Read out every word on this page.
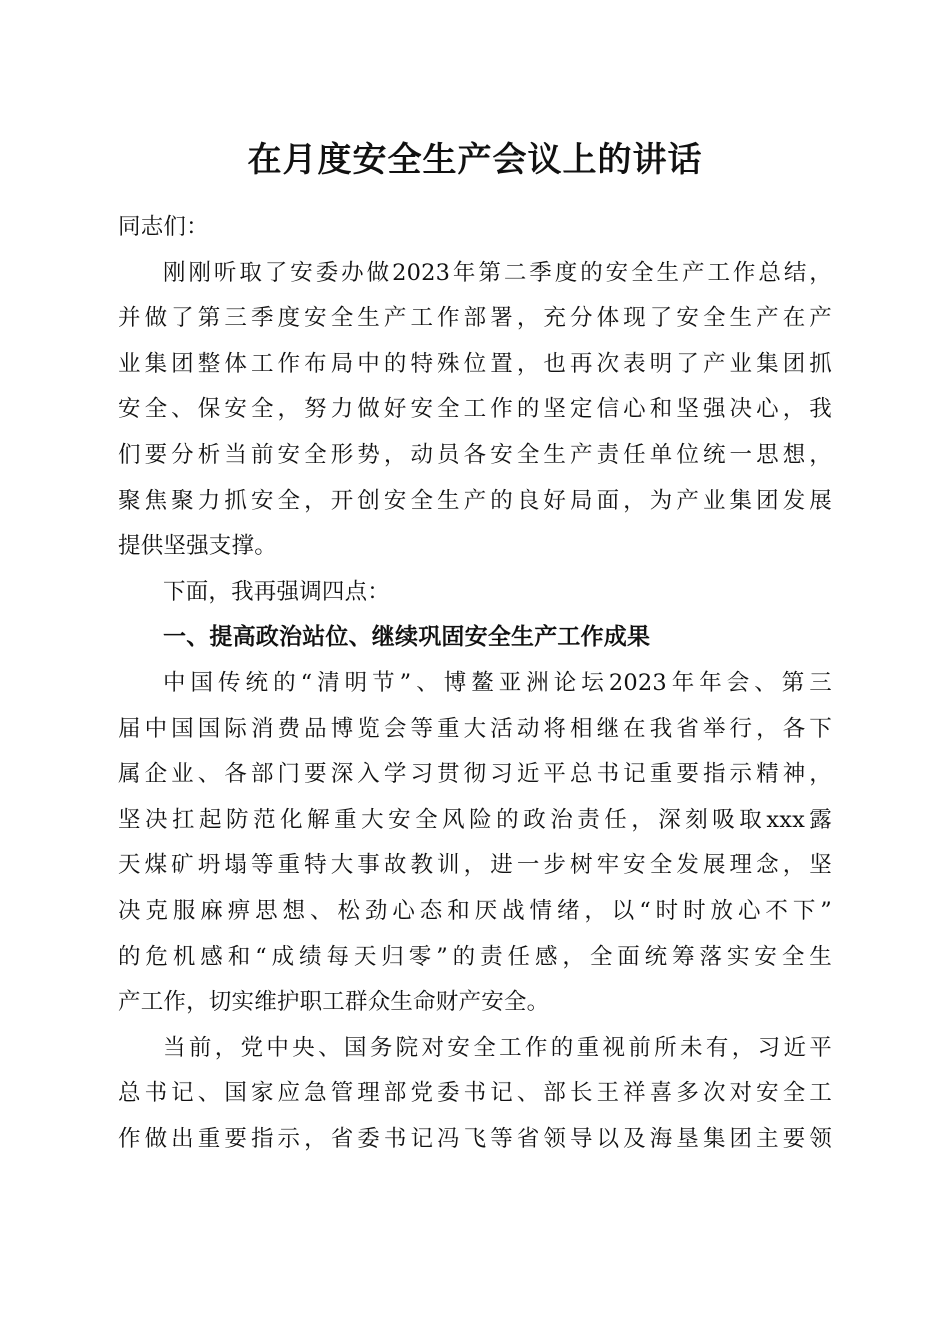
在月度安全生产会议上的讲话
同志们：
刚刚听取了安委办做2023年第二季度的安全生产工作总结，
并做了第三季度安全生产工作部署，充分体现了安全生产在产
业集团整体工作布局中的特殊位置，也再次表明了产业集团抓
安全、保安全，努力做好安全工作的坚定信心和坚强决心，我
们要分析当前安全形势，动员各安全生产责任单位统一思想，
聚焦聚力抓安全，开创安全生产的良好局面，为产业集团发展
提供坚强支撑。
下面，我再强调四点：
一、提高政治站位、继续巩固安全生产工作成果
中国传统的“清明节”、博鳌亚洲论坛2023年年会、第三
届中国国际消费品博览会等重大活动将相继在我省举行，各下
属企业、各部门要深入学习贯彻习近平总书记重要指示精神，
坚决扛起防范化解重大安全风险的政治责任，深刻吸取xxx露
天煤矿坍塌等重特大事故教训，进一步树牢安全发展理念，坚
决克服麻痹思想、松劲心态和厌战情绪，以“时时放心不下”
的危机感和“成绩每天归零”的责任感，全面统筹落实安全生
产工作，切实维护职工群众生命财产安全。
当前，党中央、国务院对安全工作的重视前所未有，习近平
总书记、国家应急管理部党委书记、部长王祥喜多次对安全工
作做出重要指示，省委书记冯飞等省领导以及海垦集团主要领
